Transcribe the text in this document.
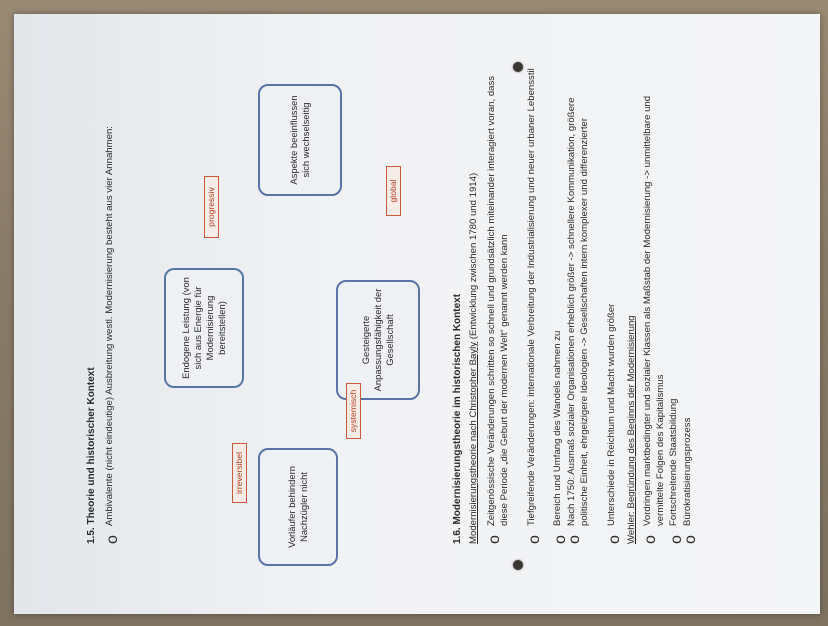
1.5. Theorie und historischer Kontext
o Ambivalente (nicht eindeutige) Ausbreitung westl. Modernisierung besteht aus vier Annahmen:	Endogene Leistung (von sich aus Energie für Modernisierung bereitstellen)
Vorläufer behindern Nachzügler nicht
Aspekte beeinflussen sich wechselseitig
Gesteigerte Anpassungsfähigkeit der Gesellschaft
systemisch
irreversibel
progressiv	global
1.6. Modernisierungstheorie im historischen Kontext Modernisierungstheorie nach Christopher Bayly (Entwicklung zwischen 1780 und 1914)
o Zeitgenössische Veränderungen schritten so schnell und grundsätzlich miteinander interagiert voran, dass diese Periode „die Geburt der modernen Welt“ genannt werden kann
o Tiefgreifende Veränderungen: internationale Verbreitung der Industrialisierung und neuer urbaner Lebensstil
o Bereich und Umfang des Wandels nahmen zu
o Nach 1750: Ausmaß sozialer Organisationen erheblich größer -> schnellere Kommunikation, größere politische Einheit, ehrgeizigere Ideologien -> Gesellschaften intern komplexer und differenzierter
o Unterschiede in Reichtum und Macht wurden größer Wehler: Begründung des Beginns der Modernisierung
o Vordringen marktbedingter und sozialer Klassen als Maßstab der Modernisierung -> unmittelbare und vermittelte Folgen des Kapitalismus
o Fortschreitende Staatsbildung
o Bürokratisierungsprozess
